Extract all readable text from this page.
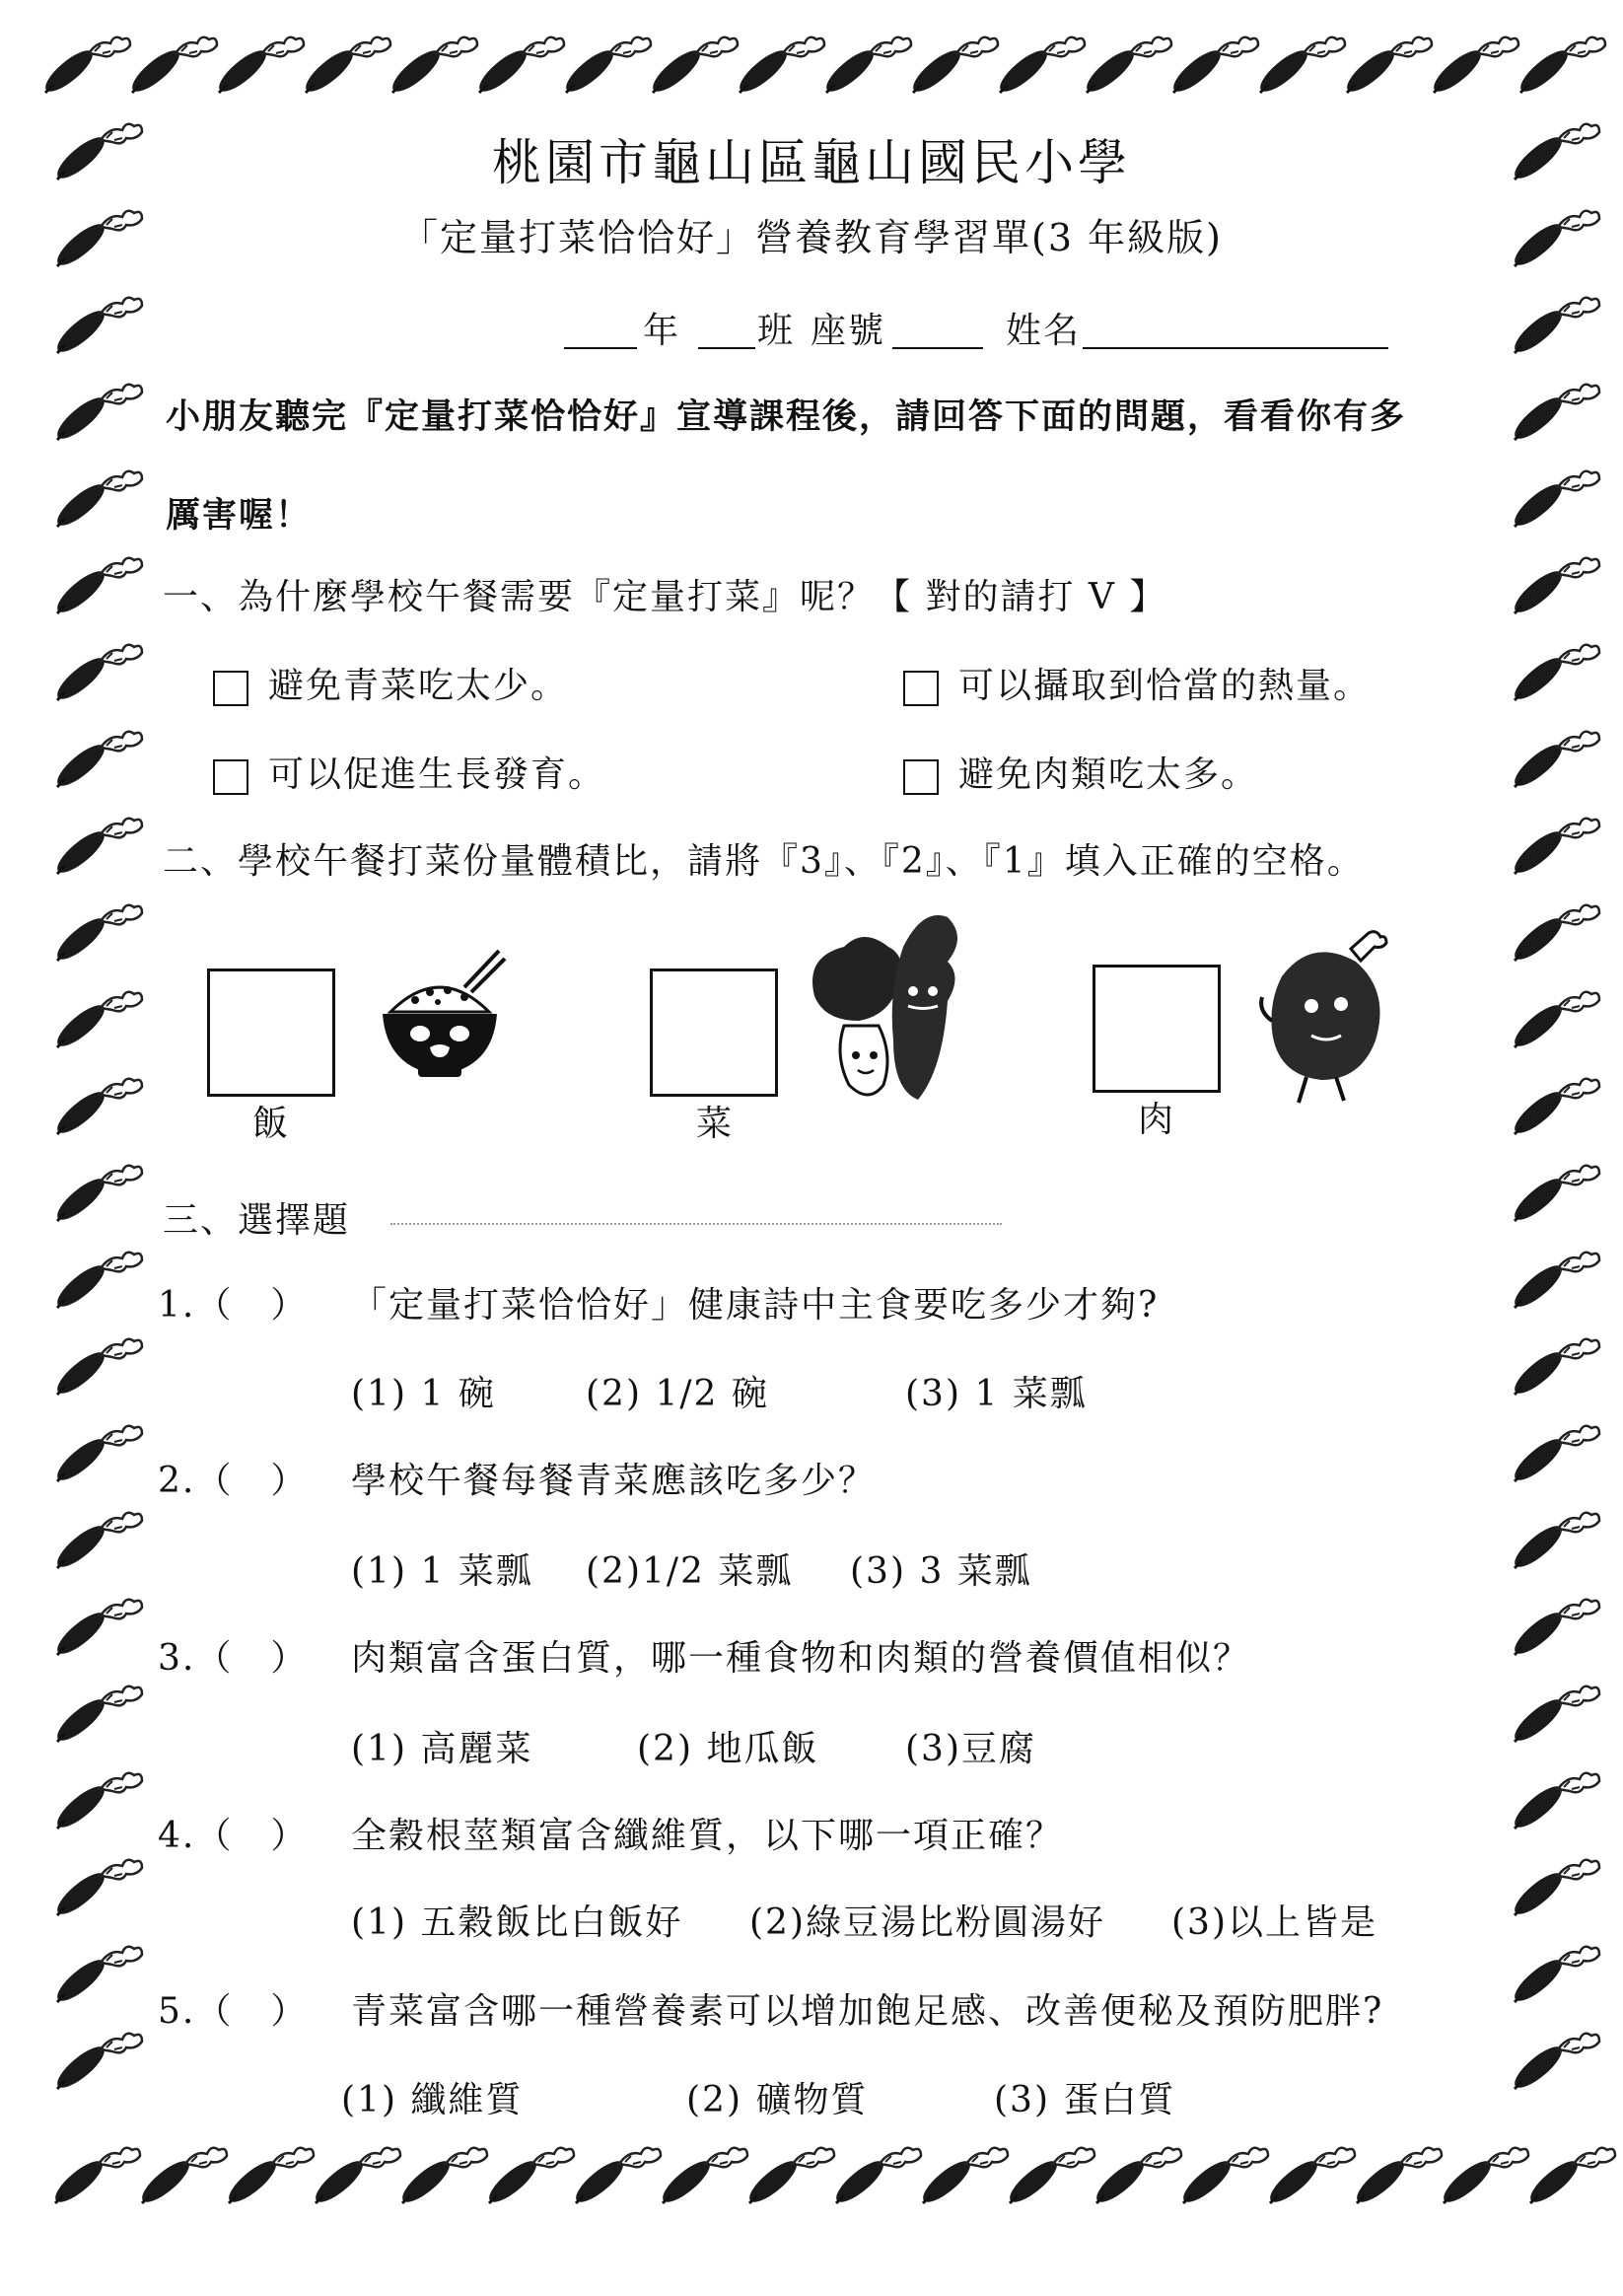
桃園市龜山區龜山國民小學
「定量打菜恰恰好」營養教育學習單(3 年級版)
年 班 座號	姓名
小朋友聽完『定量打菜恰恰好』宣導課程後，請回答下面的問題，看看你有多
厲害喔！
一、為什麼學校午餐需要『定量打菜』呢？【 對的請打 V 】
避免青菜吃太少。	可以攝取到恰當的熱量。
可以促進生長發育。	避免肉類吃太多。
二、學校午餐打菜份量體積比，請將『3』、『2』、『1』填入正確的空格。
飯	菜	肉
三、選擇題
1.（　） 「定量打菜恰恰好」健康詩中主食要吃多少才夠?
(1) 1 碗	(2) 1/2 碗	(3) 1 菜瓢
2.（　） 學校午餐每餐青菜應該吃多少？
(1) 1 菜瓢 (2)1/2 菜瓢 (3) 3 菜瓢
3.（　） 肉類富含蛋白質，哪一種食物和肉類的營養價值相似？
(1) 高麗菜	(2) 地瓜飯 (3)豆腐
4.（　） 全穀根莖類富含纖維質，以下哪一項正確？
(1) 五穀飯比白飯好 (2)綠豆湯比粉圓湯好 (3)以上皆是
5.（　） 青菜富含哪一種營養素可以增加飽足感、改善便秘及預防肥胖?
(1) 纖維質	(2) 礦物質	(3) 蛋白質
